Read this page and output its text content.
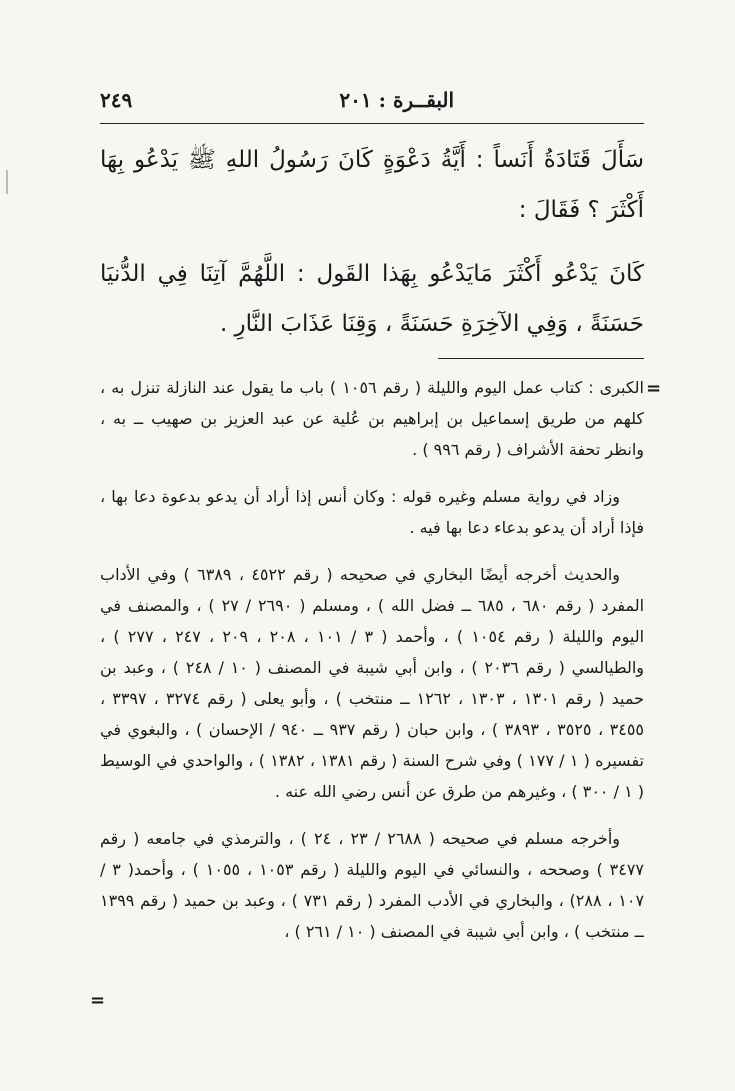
البقــرة : ٢٠١
٢٤٩

سَأَلَ قَتَادَةُ أَنَساً : أَيَّةُ دَعْوَةٍ كَانَ رَسُولُ اللهِ ﷺ يَدْعُو بِهَا أَكْثَرَ ؟ فَقَالَ :

كَانَ يَدْعُو أَكْثَرَ مَايَدْعُو بِهَذا القَول : اللَّهُمَّ آتِنَا فِي الدُّنيَا حَسَنَةً ، وَفِي الآخِرَةِ حَسَنَةً ، وَقِنَا عَذَابَ النَّارِ .

=

الكبرى : كتاب عمل اليوم والليلة ( رقم ١٠٥٦ ) باب ما يقول عند النازلة تنزل به ، كلهم من طريق إسماعيل بن إبراهيم بن عُلية عن عبد العزيز بن صهيب ــ به ، وانظر تحفة الأشراف ( رقم ٩٩٦ ) .

وزاد في رواية مسلم وغيره قوله : وكان أنس إذا أراد أن يدعو بدعوة دعا بها ، فإذا أراد أن يدعو بدعاء دعا بها فيه .

والحديث أخرجه أيضًا البخاري في صحيحه ( رقم ٤٥٢٢ ، ٦٣٨٩ ) وفي الأداب المفرد ( رقم ٦٨٠ ، ٦٨٥ ــ فضل الله ) ، ومسلم ( ٢٦٩٠ / ٢٧ ) ، والمصنف في اليوم والليلة ( رقم ١٠٥٤ ) ، وأحمد ( ٣ / ١٠١ ، ٢٠٨ ، ٢٠٩ ، ٢٤٧ ، ٢٧٧ ) ، والطيالسي ( رقم ٢٠٣٦ ) ، وابن أبي شيبة في المصنف ( ١٠ / ٢٤٨ ) ، وعبد بن حميد ( رقم ١٣٠١ ، ١٣٠٣ ، ١٢٦٢ ــ منتخب ) ، وأبو يعلى ( رقم ٣٢٧٤ ، ٣٣٩٧ ، ٣٤٥٥ ، ٣٥٢٥ ، ٣٨٩٣ ) ، وابن حبان ( رقم ٩٣٧ ــ ٩٤٠ / الإحسان ) ، والبغوي في تفسيره ( ١ / ١٧٧ ) وفي شرح السنة ( رقم ١٣٨١ ، ١٣٨٢ ) ، والواحدي في الوسيط ( ١ / ٣٠٠ ) ، وغيرهم من طرق عن أنس رضي الله عنه .

وأخرجه مسلم في صحيحه ( ٢٦٨٨ / ٢٣ ، ٢٤ ) ، والترمذي في جامعه ( رقم ٣٤٧٧ ) وصححه ، والنسائي في اليوم والليلة ( رقم ١٠٥٣ ، ١٠٥٥ ) ، وأحمد( ٣ / ١٠٧ ، ٢٨٨) ، والبخاري في الأدب المفرد ( رقم ٧٣١ ) ، وعبد بن حميد ( رقم ١٣٩٩ ــ منتخب ) ، وابن أبي شيبة في المصنف ( ١٠ / ٢٦١ ) ،

=
